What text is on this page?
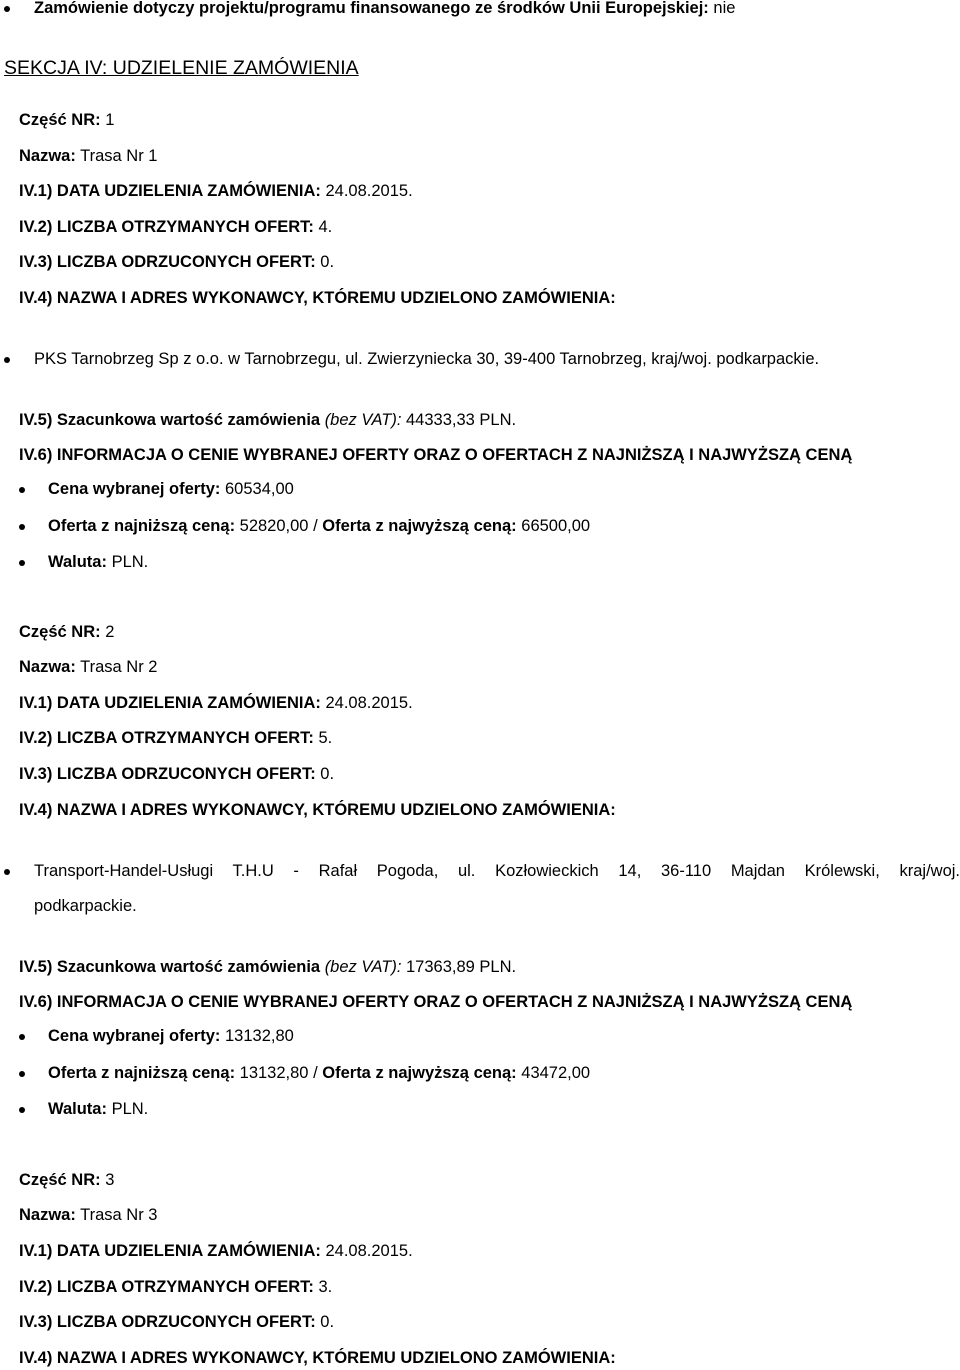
Zamówienie dotyczy projektu/programu finansowanego ze środków Unii Europejskiej: nie
SEKCJA IV: UDZIELENIE ZAMÓWIENIA
Część NR: 1
Nazwa: Trasa Nr 1
IV.1) DATA UDZIELENIA ZAMÓWIENIA: 24.08.2015.
IV.2) LICZBA OTRZYMANYCH OFERT: 4.
IV.3) LICZBA ODRZUCONYCH OFERT: 0.
IV.4) NAZWA I ADRES WYKONAWCY, KTÓREMU UDZIELONO ZAMÓWIENIA:
PKS Tarnobrzeg Sp z o.o. w Tarnobrzegu, ul. Zwierzyniecka 30, 39-400 Tarnobrzeg, kraj/woj. podkarpackie.
IV.5) Szacunkowa wartość zamówienia (bez VAT): 44333,33 PLN.
IV.6) INFORMACJA O CENIE WYBRANEJ OFERTY ORAZ O OFERTACH Z NAJNIŻSZĄ I NAJWYŻSZĄ CENĄ
Cena wybranej oferty: 60534,00
Oferta z najniższą ceną: 52820,00 / Oferta z najwyższą ceną: 66500,00
Waluta: PLN.
Część NR: 2
Nazwa: Trasa Nr 2
IV.1) DATA UDZIELENIA ZAMÓWIENIA: 24.08.2015.
IV.2) LICZBA OTRZYMANYCH OFERT: 5.
IV.3) LICZBA ODRZUCONYCH OFERT: 0.
IV.4) NAZWA I ADRES WYKONAWCY, KTÓREMU UDZIELONO ZAMÓWIENIA:
Transport-Handel-Usługi T.H.U - Rafał Pogoda, ul. Kozłowieckich 14, 36-110 Majdan Królewski, kraj/woj.
podkarpackie.
IV.5) Szacunkowa wartość zamówienia (bez VAT): 17363,89 PLN.
IV.6) INFORMACJA O CENIE WYBRANEJ OFERTY ORAZ O OFERTACH Z NAJNIŻSZĄ I NAJWYŻSZĄ CENĄ
Cena wybranej oferty: 13132,80
Oferta z najniższą ceną: 13132,80 / Oferta z najwyższą ceną: 43472,00
Waluta: PLN.
Część NR: 3
Nazwa: Trasa Nr 3
IV.1) DATA UDZIELENIA ZAMÓWIENIA: 24.08.2015.
IV.2) LICZBA OTRZYMANYCH OFERT: 3.
IV.3) LICZBA ODRZUCONYCH OFERT: 0.
IV.4) NAZWA I ADRES WYKONAWCY, KTÓREMU UDZIELONO ZAMÓWIENIA:
